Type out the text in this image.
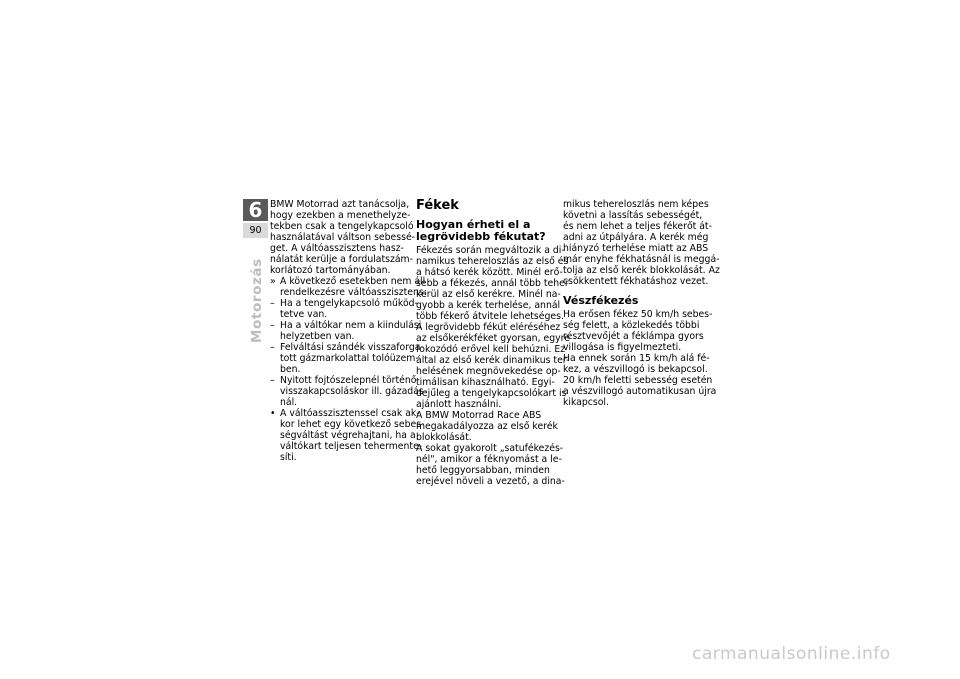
6
90
Motorozás

BMW Motorrad azt tanácsolja,
hogy ezekben a menethelyze-
tekben csak a tengelykapcsoló
használatával váltson sebessé-
get. A váltóasszisztens hasz-
nálatát kerülje a fordulatszám-
korlátozó tartományában.

» A következő esetekben nem áll
rendelkezésre váltóasszisztens:
– Ha a tengelykapcsoló működ-
tetve van.
– Ha a váltókar nem a kiindulási
helyzetben van.
– Felváltási szándék visszaforga-
tott gázmarkolattal tolóüzem-
ben.
– Nyitott fojtószelepnél történő
visszakapcsoláskor ill. gázadás-
nál.
• A váltóasszisztenssel csak ak-
kor lehet egy következő sebes-
ségváltást végrehajtani, ha a
váltókart teljesen tehermente-
síti.
Fékek
Hogyan érheti el a
legrövidebb fékutat?

Fékezés során megváltozik a di-
namikus tehereloszlás az első és
a hátsó kerék között. Minél erő-
sebb a fékezés, annál több teher
kerül az első kerékre. Minél na-
gyobb a kerék terhelése, annál
több fékerő átvitele lehetséges.
A legrövidebb fékút eléréséhez
az elsőkerékféket gyorsan, egyre
fokozódó erővel kell behúzni. Ez
által az első kerék dinamikus ter-
helésének megnövekedése op-
timálisan kihasználható. Egyi-
dejűleg a tengelykapcsolókart is
ajánlott használni.
A BMW Motorrad Race ABS
megakadályozza az első kerék
blokkolását.
A sokat gyakorolt „satufékezés-
nél", amikor a féknyomást a le-
hető leggyorsabban, minden
erejével növeli a vezető, a dina-

mikus tehereloszlás nem képes
követni a lassítás sebességét,
és nem lehet a teljes fékerőt át-
adni az útpályára. A kerék még
hiányzó terhelése miatt az ABS
már enyhe fékhatásnál is meggá-
tolja az első kerék blokkolását. Az
csökkentett fékhatáshoz vezet.

Vészfékezés

Ha erősen fékez 50 km/h sebes-
ség felett, a közlekedés többi
résztvevőjét a féklámpa gyors
villogása is figyelmezteti.
Ha ennek során 15 km/h alá fé-
kez, a vészvillogó is bekapcsol.
20 km/h feletti sebesség esetén
a vészvillogó automatikusan újra
kikapcsol.

carmanualsonline.info
